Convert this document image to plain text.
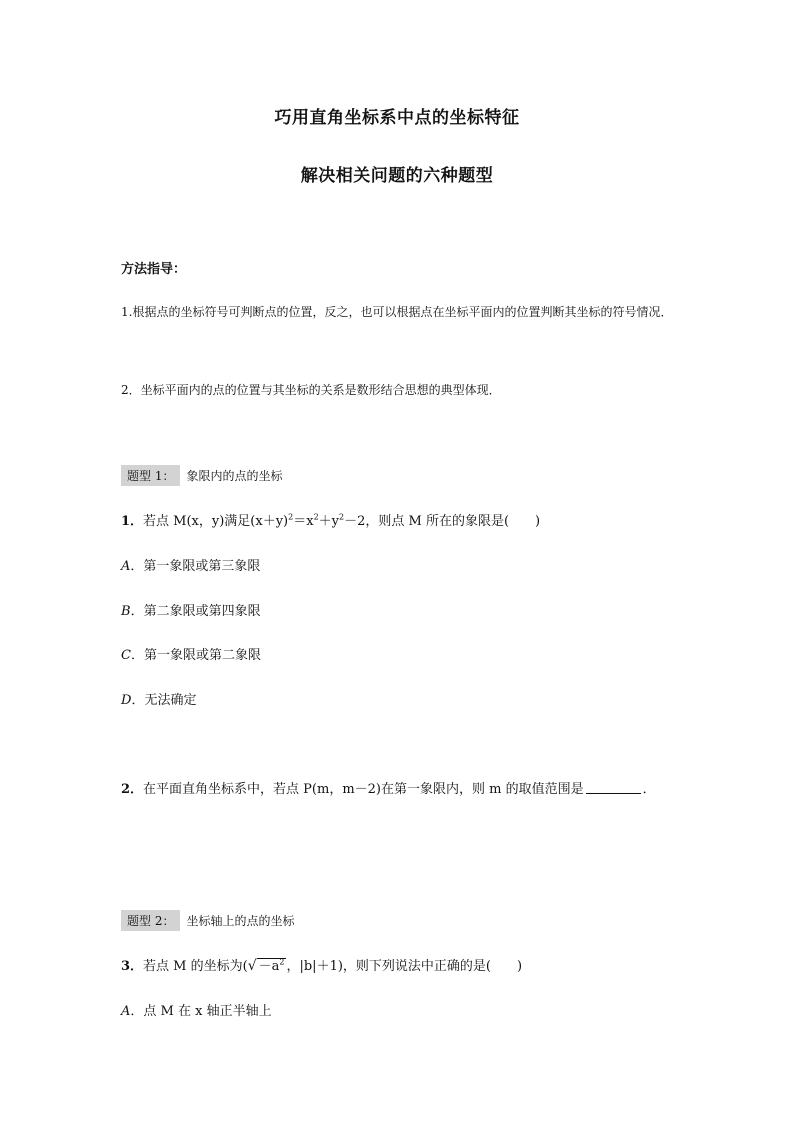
巧用直角坐标系中点的坐标特征
解决相关问题的六种题型
方法指导：
1.根据点的坐标符号可判断点的位置，反之，也可以根据点在坐标平面内的位置判断其坐标的符号情况．
2．坐标平面内的点的位置与其坐标的关系是数形结合思想的典型体现．
题型 1：	象限内的点的坐标
1．若点 M(x，y)满足$(x+y)^2=x^2+y^2-2$，则点 M 所在的象限是(　　)
A．第一象限或第三象限
B．第二象限或第四象限
C．第一象限或第二象限
D．无法确定
2．在平面直角坐标系中，若点 P(m，m－2)在第一象限内，则 m 的取值范围是	．
题型 2：	坐标轴上的点的坐标
3．若点 M 的坐标为(√ $-a^2$ ，|b|＋1)，则下列说法中正确的是(　　)
A．点 M 在 x 轴正半轴上
